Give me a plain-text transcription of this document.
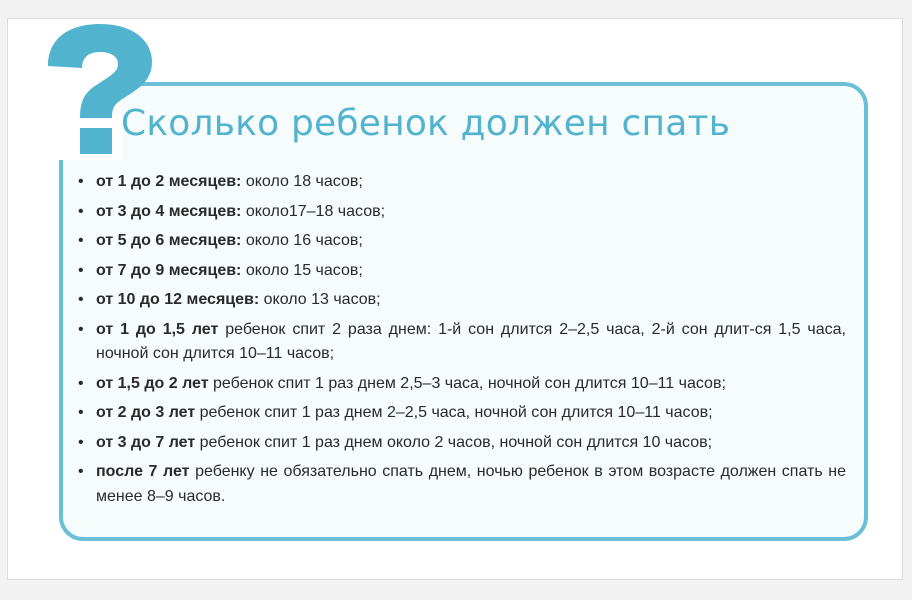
Сколько ребенок должен спать
• от 1 до 2 месяцев: около 18 часов;
• от 3 до 4 месяцев: около17–18 часов;
• от 5 до 6 месяцев: около 16 часов;
• от 7 до 9 месяцев: около 15 часов;
• от 10 до 12 месяцев: около 13 часов;
• от 1 до 1,5 лет ребенок спит 2 раза днем: 1-й сон длится 2–2,5 часа, 2-й сон длит-ся 1,5 часа, ночной сон длится 10–11 часов;
• от 1,5 до 2 лет ребенок спит 1 раз днем 2,5–3 часа, ночной сон длится 10–11 часов;
• от 2 до 3 лет ребенок спит 1 раз днем 2–2,5 часа, ночной сон длится 10–11 часов;
• от 3 до 7 лет ребенок спит 1 раз днем около 2 часов, ночной сон длится 10 часов;
• после 7 лет ребенку не обязательно спать днем, ночью ребенок в этом возрасте должен спать не менее 8–9 часов.
